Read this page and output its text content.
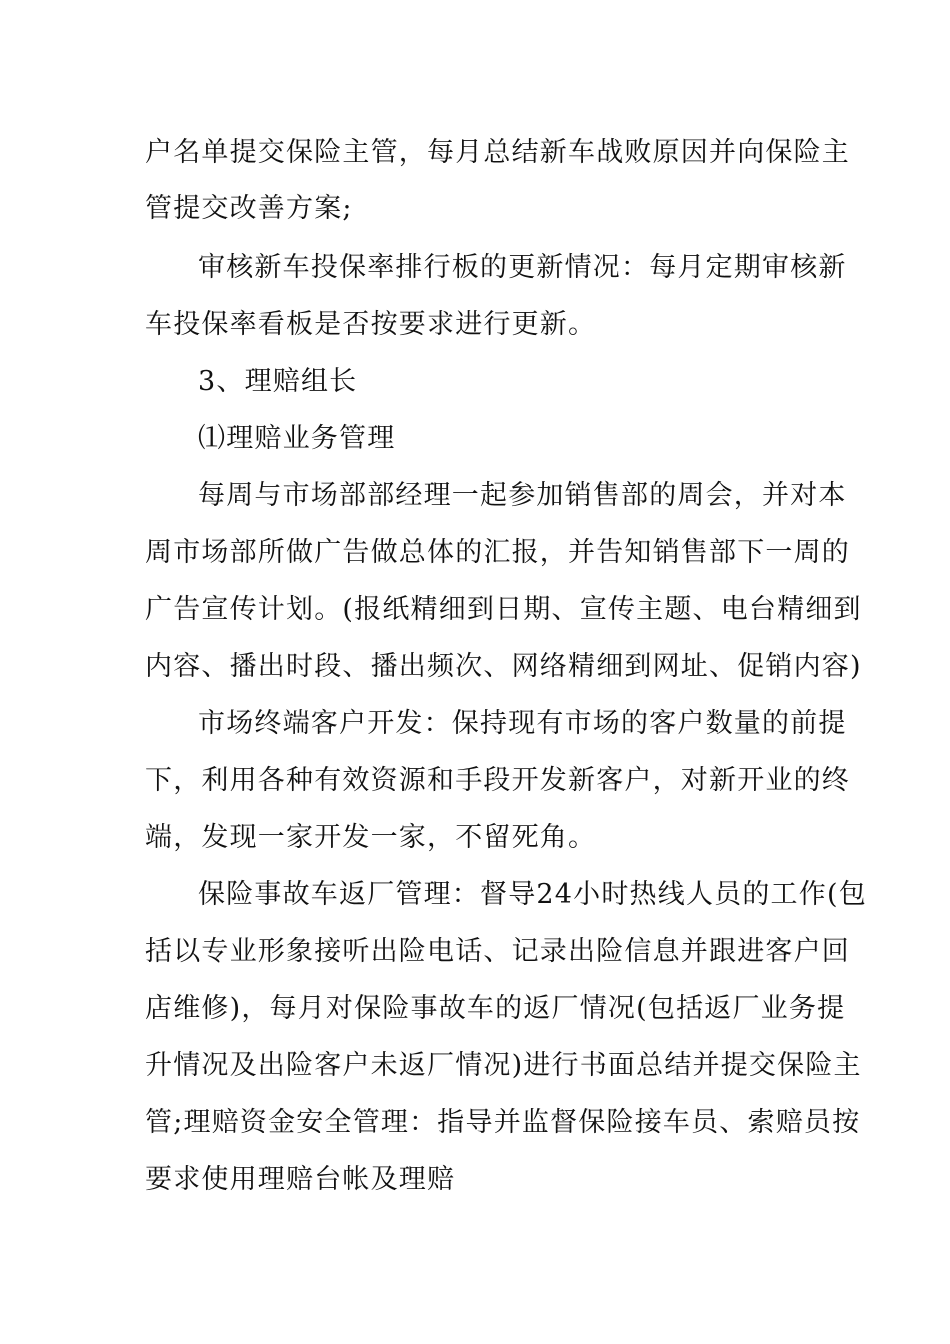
户名单提交保险主管，每月总结新车战败原因并向保险主
管提交改善方案;
审核新车投保率排行板的更新情况：每月定期审核新
车投保率看板是否按要求进行更新。
3、理赔组长
⑴理赔业务管理
每周与市场部部经理一起参加销售部的周会，并对本
周市场部所做广告做总体的汇报，并告知销售部下一周的
广告宣传计划。(报纸精细到日期、宣传主题、电台精细到
内容、播出时段、播出频次、网络精细到网址、促销内容)
市场终端客户开发：保持现有市场的客户数量的前提
下，利用各种有效资源和手段开发新客户，对新开业的终
端，发现一家开发一家，不留死角。
保险事故车返厂管理：督导24小时热线人员的工作(包
括以专业形象接听出险电话、记录出险信息并跟进客户回
店维修)，每月对保险事故车的返厂情况(包括返厂业务提
升情况及出险客户未返厂情况)进行书面总结并提交保险主
管;理赔资金安全管理：指导并监督保险接车员、索赔员按
要求使用理赔台帐及理赔
